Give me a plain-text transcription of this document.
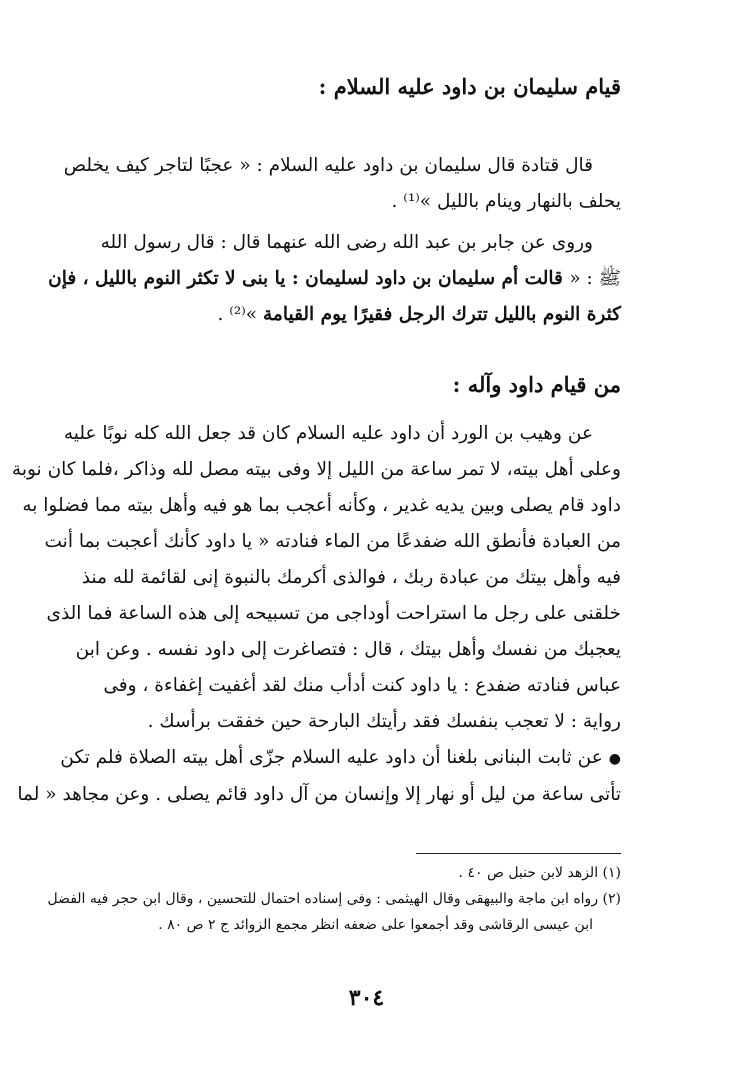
قيام سليمان بن داود عليه السلام :
قال قتادة قال سليمان بن داود عليه السلام : « عجبًا لتاجر كيف يخلص
يحلف بالنهار وينام بالليل »⁽¹⁾ .
وروى عن جابر بن عبد الله رضى الله عنهما قال : قال رسول الله
ﷺ : « قالت أم سليمان بن داود لسليمان : يا بنى لا تكثر النوم بالليل ، فإن
كثرة النوم بالليل تترك الرجل فقيرًا يوم القيامة »⁽²⁾ .
من قيام داود وآله :
عن وهيب بن الورد أن داود عليه السلام كان قد جعل الله كله نوبًا عليه
وعلى أهل بيته، لا تمر ساعة من الليل إلا وفى بيته مصل لله وذاكر ،فلما كان نوبة
داود قام يصلى وبين يديه غدير ، وكأنه أعجب بما هو فيه وأهل بيته مما فضلوا به
من العبادة فأنطق الله ضفدعًا من الماء فنادته « يا داود كأنك أعجبت بما أنت
فيه وأهل بيتك من عبادة ربك ، فوالذى أكرمك بالنبوة إنى لقائمة لله منذ
خلقنى على رجل ما استراحت أوداجى من تسبيحه إلى هذه الساعة فما الذى
يعجبك من نفسك وأهل بيتك ، قال : فتصاغرت إلى داود نفسه . وعن ابن
عباس فنادته ضفدع : يا داود كنت أدأب منك لقد أغفيت إغفاءة ، وفى
رواية : لا تعجب بنفسك فقد رأيتك البارحة حين خفقت برأسك .
●عن ثابت البنانى بلغنا أن داود عليه السلام جزّى أهل بيته الصلاة فلم تكن
تأتى ساعة من ليل أو نهار إلا وإنسان من آل داود قائم يصلى . وعن مجاهد « لما
(١) الزهد لابن حنبل ص ٤٠ .
(٢) رواه ابن ماجة والبيهقى وقال الهيثمى : وفى إسناده احتمال للتحسين ، وقال ابن حجر فيه الفضل
ابن عيسى الرقاشى وقد أجمعوا على ضعفه انظر مجمع الزوائد ج ٢ ص ٨٠ .
٣٠٤
